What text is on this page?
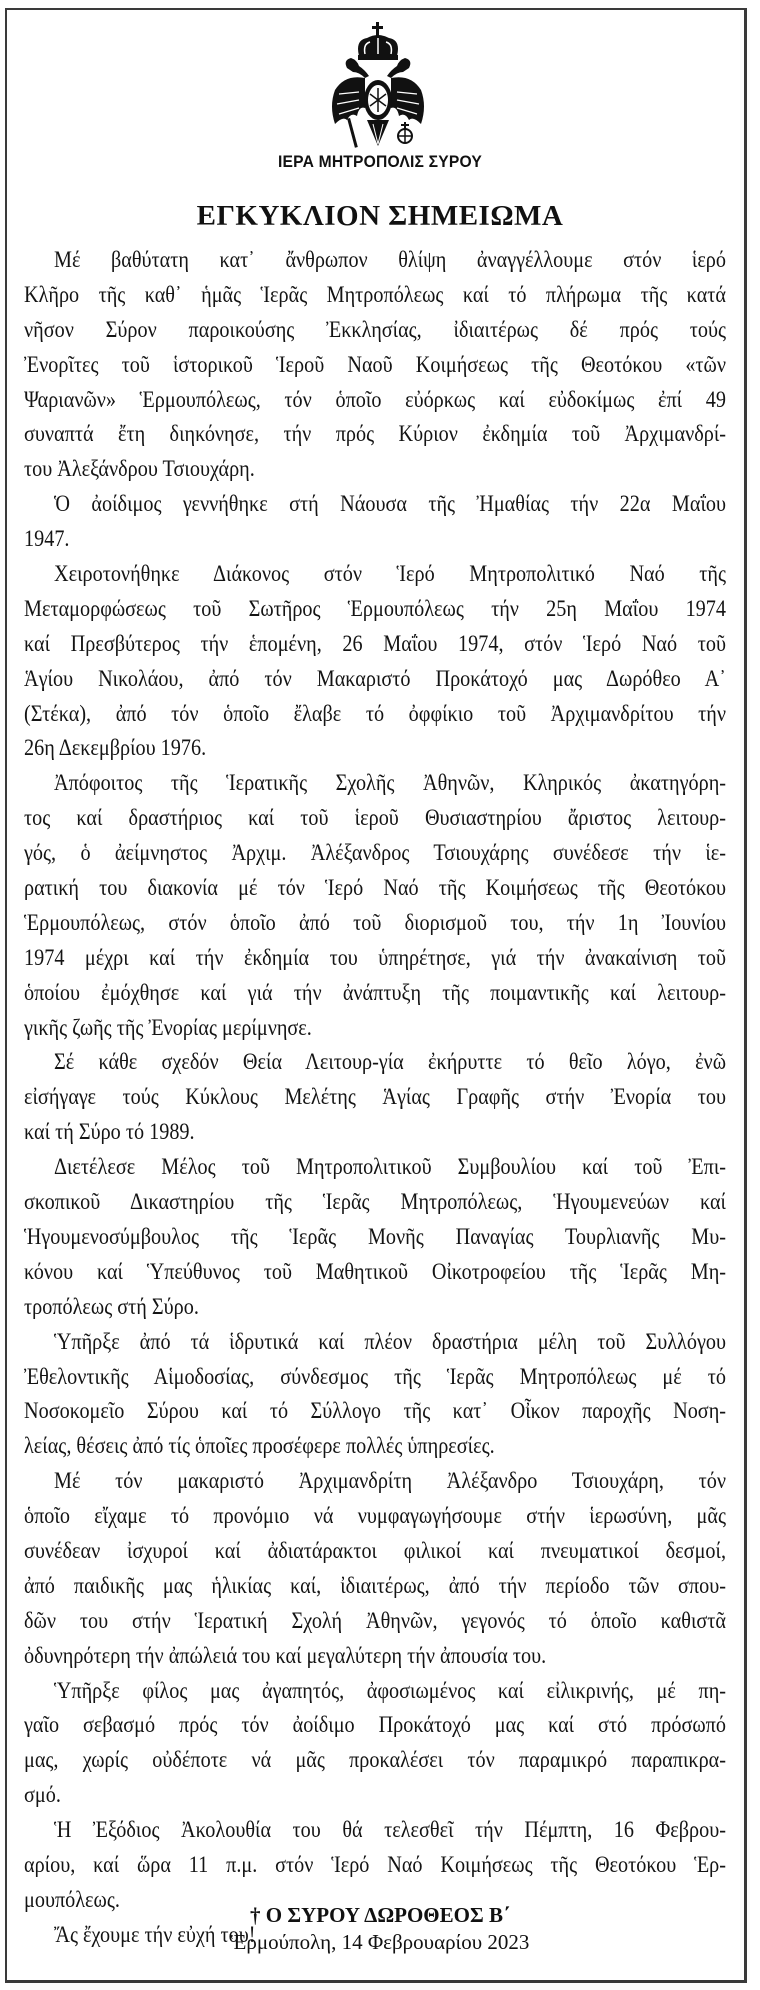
ΙΕΡΑ ΜΗΤΡΟΠΟΛΙΣ ΣΥΡΟΥ
ΕΓΚΥΚΛΙΟΝ ΣΗΜΕΙΩΜΑ
Μέ βαθύτατη κατ᾽ ἄνθρωπον θλίψη ἀναγγέλλουμε στόν ἱερό
Κλῆρο τῆς καθ᾽ ἡμᾶς Ἱερᾶς Μητροπόλεως καί τό πλήρωμα τῆς κατά
νῆσον Σύρον παροικούσης Ἐκκλησίας, ἰδιαιτέρως δέ πρός τούς
Ἐνορῖτες τοῦ ἱστορικοῦ Ἱεροῦ Ναοῦ Κοιμήσεως τῆς Θεοτόκου «τῶν
Ψαριανῶν» Ἑρμουπόλεως, τόν ὁποῖο εὐόρκως καί εὐδοκίμως ἐπί 49
συναπτά ἔτη διηκόνησε, τήν πρός Κύριον ἐκδημία τοῦ Ἀρχιμανδρί-
του Ἀλεξάνδρου Τσιουχάρη.
Ὁ ἀοίδιμος γεννήθηκε στή Νάουσα τῆς Ἠμαθίας τήν 22α Μαΐου
1947.
Χειροτονήθηκε Διάκονος στόν Ἱερό Μητροπολιτικό Ναό τῆς
Μεταμορφώσεως τοῦ Σωτῆρος Ἑρμουπόλεως τήν 25η Μαΐου 1974
καί Πρεσβύτερος τήν ἑπομένη, 26 Μαΐου 1974, στόν Ἱερό Ναό τοῦ
Ἁγίου Νικολάου, ἀπό τόν Μακαριστό Προκάτοχό μας Δωρόθεο Α᾽
(Στέκα), ἀπό τόν ὁποῖο ἔλαβε τό ὀφφίκιο τοῦ Ἀρχιμανδρίτου τήν
26η Δεκεμβρίου 1976.
Ἀπόφοιτος τῆς Ἱερατικῆς Σχολῆς Ἀθηνῶν, Κληρικός ἀκατηγόρη-
τος καί δραστήριος καί τοῦ ἱεροῦ Θυσιαστηρίου ἄριστος λειτουρ-
γός, ὁ ἀείμνηστος Ἀρχιμ. Ἀλέξανδρος Τσιουχάρης συνέδεσε τήν ἱε-
ρατική του διακονία μέ τόν Ἱερό Ναό τῆς Κοιμήσεως τῆς Θεοτόκου
Ἑρμουπόλεως, στόν ὁποῖο ἀπό τοῦ διορισμοῦ του, τήν 1η Ἰουνίου
1974 μέχρι καί τήν ἐκδημία του ὑπηρέτησε, γιά τήν ἀνακαίνιση τοῦ
ὁποίου ἐμόχθησε καί γιά τήν ἀνάπτυξη τῆς ποιμαντικῆς καί λειτουρ-
γικῆς ζωῆς τῆς Ἐνορίας μερίμνησε.
Σέ κάθε σχεδόν Θεία Λειτουρ-γία ἐκήρυττε τό θεῖο λόγο, ἐνῶ
εἰσήγαγε τούς Κύκλους Μελέτης Ἁγίας Γραφῆς στήν Ἐνορία του
καί τή Σύρο τό 1989.
Διετέλεσε Μέλος τοῦ Μητροπολιτικοῦ Συμβουλίου καί τοῦ Ἐπι-
σκοπικοῦ Δικαστηρίου τῆς Ἱερᾶς Μητροπόλεως, Ἡγουμενεύων καί
Ἡγουμενοσύμβουλος τῆς Ἱερᾶς Μονῆς Παναγίας Τουρλιανῆς Μυ-
κόνου καί Ὑπεύθυνος τοῦ Μαθητικοῦ Οἰκοτροφείου τῆς Ἱερᾶς Μη-
τροπόλεως στή Σύρο.
Ὑπῆρξε ἀπό τά ἱδρυτικά καί πλέον δραστήρια μέλη τοῦ Συλλόγου
Ἐθελοντικῆς Αἱμοδοσίας, σύνδεσμος τῆς Ἱερᾶς Μητροπόλεως μέ τό
Νοσοκομεῖο Σύρου καί τό Σύλλογο τῆς κατ᾽ Οἶκον παροχῆς Νοση-
λείας, θέσεις ἀπό τίς ὁποῖες προσέφερε πολλές ὑπηρεσίες.
Μέ τόν μακαριστό Ἀρχιμανδρίτη Ἀλέξανδρο Τσιουχάρη, τόν
ὁποῖο εἴχαμε τό προνόμιο νά νυμφαγωγήσουμε στήν ἱερωσύνη, μᾶς
συνέδεαν ἰσχυροί καί ἀδιατάρακτοι φιλικοί καί πνευματικοί δεσμοί,
ἀπό παιδικῆς μας ἡλικίας καί, ἰδιαιτέρως, ἀπό τήν περίοδο τῶν σπου-
δῶν του στήν Ἱερατική Σχολή Ἀθηνῶν, γεγονός τό ὁποῖο καθιστᾶ
ὀδυνηρότερη τήν ἀπώλειά του καί μεγαλύτερη τήν ἀπουσία του.
Ὑπῆρξε φίλος μας ἀγαπητός, ἀφοσιωμένος καί εἰλικρινής, μέ πη-
γαῖο σεβασμό πρός τόν ἀοίδιμο Προκάτοχό μας καί στό πρόσωπό
μας, χωρίς οὐδέποτε νά μᾶς προκαλέσει τόν παραμικρό παραπικρα-
σμό.
Ἡ Ἐξόδιος Ἀκολουθία του θά τελεσθεῖ τήν Πέμπτη, 16 Φεβρου-
αρίου, καί ὥρα 11 π.μ. στόν Ἱερό Ναό Κοιμήσεως τῆς Θεοτόκου Ἑρ-
μουπόλεως.
Ἄς ἔχουμε τήν εὐχή του!
† Ο ΣΥΡΟΥ ΔΩΡΟΘΕΟΣ Β΄
Ἑρμούπολη, 14 Φεβρουαρίου 2023
